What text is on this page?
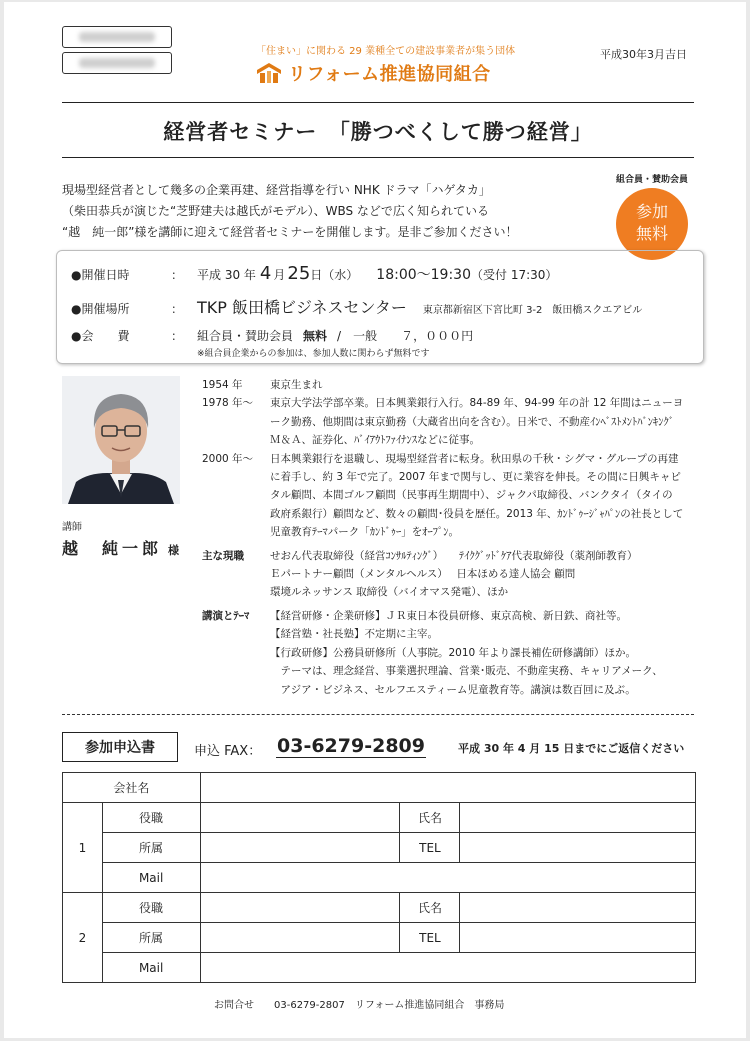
「住まい」に関わる 29 業種全ての建設事業者が集う団体
リフォーム推進協同組合
平成30年3月吉日
経営者セミナー　「勝つべくして勝つ経営」
現場型経営者として幾多の企業再建、経営指導を行い NHK ドラマ「ハゲタカ」
（柴田恭兵が演じた“芝野建夫は越氏がモデル）、WBS などで広く知られている
“越　純一郎”様を講師に迎えて経営者セミナーを開催します。是非ご参加ください！
組合員・賛助会員
参加
無料
●開催日時	：	平成 30 年 4 月 25 日（水） 18:00～19:30 （受付 17:30）
●開催場所	： TKP 飯田橋ビジネスセンター 東京都新宿区下宮比町 3-2　飯田橋スクエアビル
●会　　費	：	組合員・賛助会員 無料 /　一般　　７，０００円
※組合員企業からの参加は、参加人数に関わらず無料です
講師
越　純一郎 様
1954 年	東京生まれ
1978 年～	東京大学法学部卒業。日本興業銀行入行。84-89 年、94-99 年の計 12 年間はニューヨ
ーク勤務、他期間は東京勤務（大蔵省出向を含む）。日米で、不動産ｲﾝﾍﾞｽﾄﾒﾝﾄﾊﾞﾝｷﾝｸﾞ
Ｍ＆Ａ、証券化、ﾊﾞｲｱｳﾄﾌｧｲﾅﾝｽなどに従事。
2000 年～	日本興業銀行を退職し、現場型経営者に転身。秋田県の千秋・シグマ・グループの再建
に着手し、約 3 年で完了。2007 年まで関与し、更に業容を伸長。その間に日興キャピ
タル顧問、本間ゴルフ顧問（民事再生期間中）、ジャクパ取締役、バンクタイ（タイの
政府系銀行）顧問など、数々の顧問･役員を歴任。2013 年、ｶﾝﾄﾞｩｰｼﾞｬﾊﾟﾝの社長として
児童教育ﾃｰﾏパーク「ｶﾝﾄﾞｩｰ」をｵｰﾌﾟﾝ。
主な現職	せおん代表取締役（経営ｺﾝｻﾙﾃｨﾝｸﾞ）　　ﾃｲｸｸﾞｯﾄﾞｹｱ代表取締役（薬剤師教育）
Ｅパートナー顧問（メンタルヘルス）　 日本ほめる達人協会 顧問
環境ルネッサンス 取締役（バイオマス発電）、ほか
講演とﾃｰﾏ	【経営研修・企業研修】ＪＲ東日本役員研修、東京高検、新日鉄、商社等。
【経営塾・社長塾】不定期に主宰。
【行政研修】公務員研修所（人事院。2010 年より課長補佐研修講師）ほか。
　テーマは、理念経営、事業選択理論、営業･販売、不動産実務、キャリアメーク、
　アジア・ビジネス、セルフエスティーム児童教育等。講演は数百回に及ぶ。
参加申込書	申込 FAX： 03-6279-2809	平成 30 年 4 月 15 日までにご返信ください
会社名				
1	役職		氏名	
	所属		TEL	
	Mail			
2	役職		氏名	
	所属		TEL	
	Mail			
お問合せ　　03-6279-2807　リフォーム推進協同組合　事務局
